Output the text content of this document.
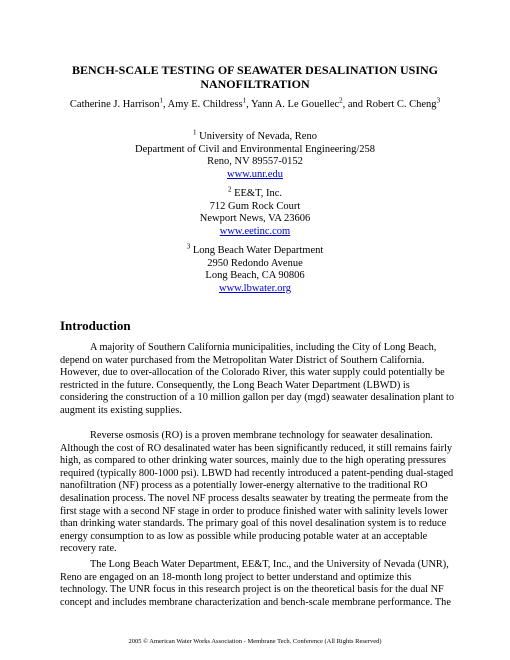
BENCH-SCALE TESTING OF SEAWATER DESALINATION USING
NANOFILTRATION
Catherine J. Harrison$^1$, Amy E. Childress$^1$, Yann A. Le Gouellec$^2$, and Robert C. Cheng$^3$
$^1$ University of Nevada, Reno
Department of Civil and Environmental Engineering/258
Reno, NV 89557-0152
www.unr.edu
$^2$ EE&T, Inc.
712 Gum Rock Court
Newport News, VA 23606
www.eetinc.com
$^3$ Long Beach Water Department
2950 Redondo Avenue
Long Beach, CA 90806
www.lbwater.org
Introduction
A majority of Southern California municipalities, including the City of Long Beach,
depend on water purchased from the Metropolitan Water District of Southern California.
However, due to over-allocation of the Colorado River, this water supply could potentially be
restricted in the future. Consequently, the Long Beach Water Department (LBWD) is
considering the construction of a 10 million gallon per day (mgd) seawater desalination plant to
augment its existing supplies.
Reverse osmosis (RO) is a proven membrane technology for seawater desalination.
Although the cost of RO desalinated water has been significantly reduced, it still remains fairly
high, as compared to other drinking water sources, mainly due to the high operating pressures
required (typically 800-1000 psi). LBWD had recently introduced a patent-pending dual-staged
nanofiltration (NF) process as a potentially lower-energy alternative to the traditional RO
desalination process. The novel NF process desalts seawater by treating the permeate from the
first stage with a second NF stage in order to produce finished water with salinity levels lower
than drinking water standards. The primary goal of this novel desalination system is to reduce
energy consumption to as low as possible while producing potable water at an acceptable
recovery rate.
The Long Beach Water Department, EE&T, Inc., and the University of Nevada (UNR),
Reno are engaged on an 18-month long project to better understand and optimize this
technology. The UNR focus in this research project is on the theoretical basis for the dual NF
concept and includes membrane characterization and bench-scale membrane performance. The
2005 © American Water Works Association - Membrane Tech. Conference (All Rights Reserved)
